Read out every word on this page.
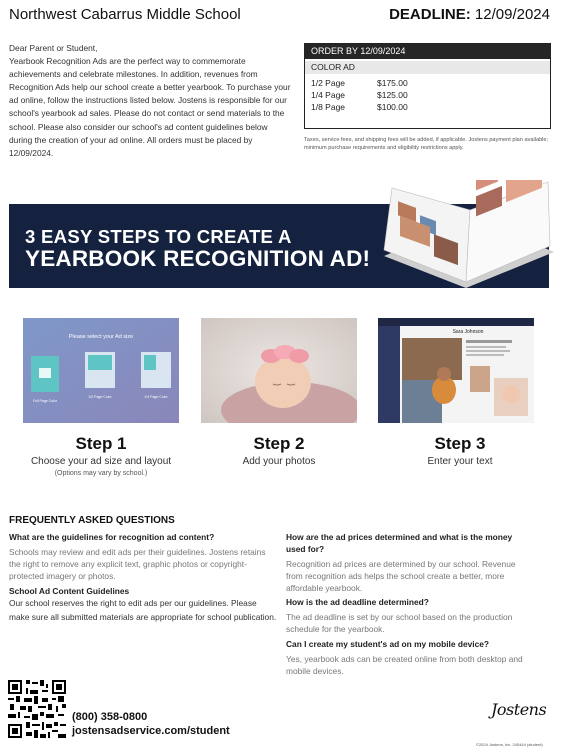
Northwest Cabarrus Middle School	DEADLINE: 12/09/2024
Dear Parent or Student,
Yearbook Recognition Ads are the perfect way to commemorate achievements and celebrate milestones. In addition, revenues from Recognition Ads help our school create a better yearbook. To purchase your ad online, follow the instructions listed below. Jostens is responsible for our school's yearbook ad sales. Please do not contact or send materials to the school. Please also consider our school's ad content guidelines below during the creation of your ad online. All orders must be placed by 12/09/2024.
ORDER BY 12/09/2024
COLOR AD
1/2 Page	$175.00
1/4 Page	$125.00
1/8 Page	$100.00
Taxes, service fees, and shipping fees will be added, if applicable. Jostens payment plan available; minimum purchase requirements and eligibility restrictions apply.
3 EASY STEPS TO CREATE A
YEARBOOK RECOGNITION AD!
Please select your Ad size
Full Page Color
1/2 Page Color	1/4 Page Color
Sara Johnson
Step 1
Choose your ad size and layout
(Options may vary by school.)
Step 2
Add your photos
Step 3
Enter your text
FREQUENTLY ASKED QUESTIONS
What are the guidelines for recognition ad content?
Schools may review and edit ads per their guidelines. Jostens retains the right to remove any explicit text, graphic photos or copyright-protected imagery or photos.
School Ad Content Guidelines
Our school reserves the right to edit ads per our guidelines. Please make sure all submitted materials are appropriate for school publication.
How are the ad prices determined and what is the money used for?
Recognition ad prices are determined by our school. Revenue from recognition ads helps the school create a better, more affordable yearbook.
How is the ad deadline determined?
The ad deadline is set by our school based on the production schedule for the yearbook.
Can I create my student's ad on my mobile device?
Yes, yearbook ads can be created online from both desktop and mobile devices.
(800) 358-0800
jostensadservice.com/student
Jostens
©2024 Jostens, Inc. 240444 (student)
